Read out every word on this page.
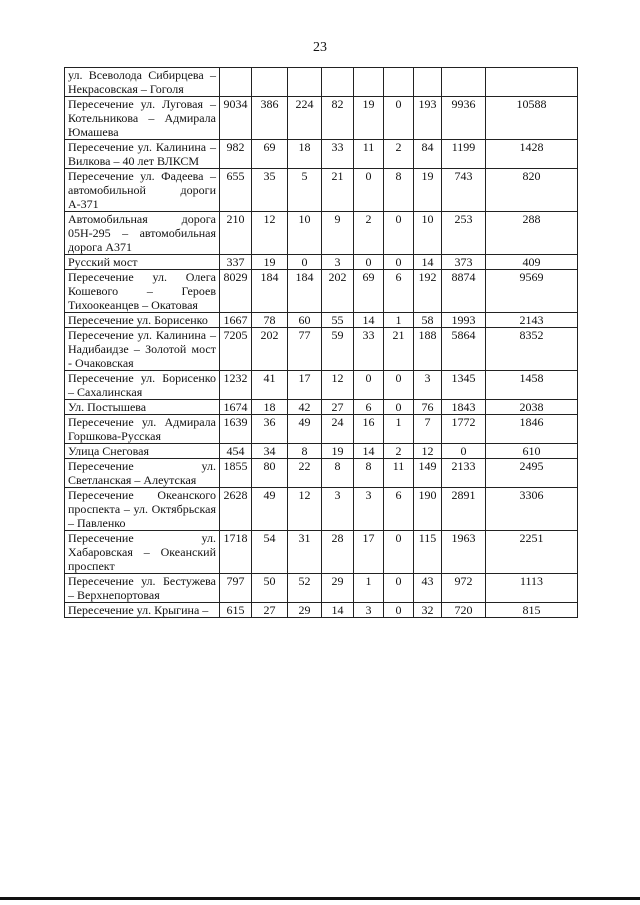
23
ул. Всеволода Сибирцева – Некрасовская – Гоголя									
Пересечение ул. Луговая – Котельникова – Адмирала Юмашева	9034	386	224	82	19	0	193	9936	10588
Пересечение ул. Калинина – Вилкова – 40 лет ВЛКСМ	982	69	18	33	11	2	84	1199	1428
Пересечение ул. Фадеева – автомобильной дороги А-371	655	35	5	21	0	8	19	743	820
Автомобильная дорога 05Н-295 – автомобильная дорога А371	210	12	10	9	2	0	10	253	288
Русский мост	337	19	0	3	0	0	14	373	409
Пересечение ул. Олега Кошевого – Героев Тихоокеанцев – Окатовая	8029	184	184	202	69	6	192	8874	9569
Пересечение ул. Борисенко	1667	78	60	55	14	1	58	1993	2143
Пересечение ул. Калинина – Надибаидзе – Золотой мост - Очаковская	7205	202	77	59	33	21	188	5864	8352
Пересечение ул. Борисенко – Сахалинская	1232	41	17	12	0	0	3	1345	1458
Ул. Постышева	1674	18	42	27	6	0	76	1843	2038
Пересечение ул. Адмирала Горшкова-Русская	1639	36	49	24	16	1	7	1772	1846
Улица Снеговая	454	34	8	19	14	2	12	0	610
Пересечение ул. Светланская – Алеутская	1855	80	22	8	8	11	149	2133	2495
Пересечение Океанского проспекта – ул. Октябрьская – Павленко	2628	49	12	3	3	6	190	2891	3306
Пересечение ул. Хабаровская – Океанский проспект	1718	54	31	28	17	0	115	1963	2251
Пересечение ул. Бестужева – Верхнепортовая	797	50	52	29	1	0	43	972	1113
Пересечение ул. Крыгина –	615	27	29	14	3	0	32	720	815
